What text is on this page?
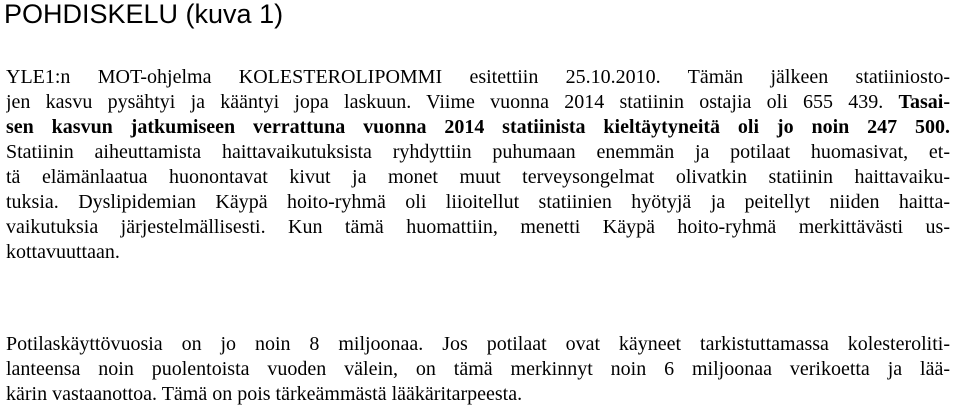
POHDISKELU (kuva 1)
YLE1:n MOT-ohjelma KOLESTEROLIPOMMI esitettiin 25.10.2010. Tämän jälkeen statiiniosto-
jen kasvu pysähtyi ja kääntyi jopa laskuun. Viime vuonna 2014 statiinin ostajia oli 655 439. Tasai-
sen kasvun jatkumiseen verrattuna vuonna 2014 statiinista kieltäytyneitä oli jo noin 247 500.
Statiinin aiheuttamista haittavaikutuksista ryhdyttiin puhumaan enemmän ja potilaat huomasivat, et-
tä elämänlaatua huonontavat kivut ja monet muut terveysongelmat olivatkin statiinin haittavaiku-
tuksia. Dyslipidemian Käypä hoito-ryhmä oli liioitellut statiinien hyötyjä ja peitellyt niiden haitta-
vaikutuksia järjestelmällisesti. Kun tämä huomattiin, menetti Käypä hoito-ryhmä merkittävästi us-
kottavuuttaan.
Potilaskäyttövuosia on jo noin 8 miljoonaa. Jos potilaat ovat käyneet tarkistuttamassa kolesteroliti-
lanteensa noin puolentoista vuoden välein, on tämä merkinnyt noin 6 miljoonaa verikoetta ja lää-
kärin vastaanottoa. Tämä on pois tärkeämmästä lääkäritarpeesta.
